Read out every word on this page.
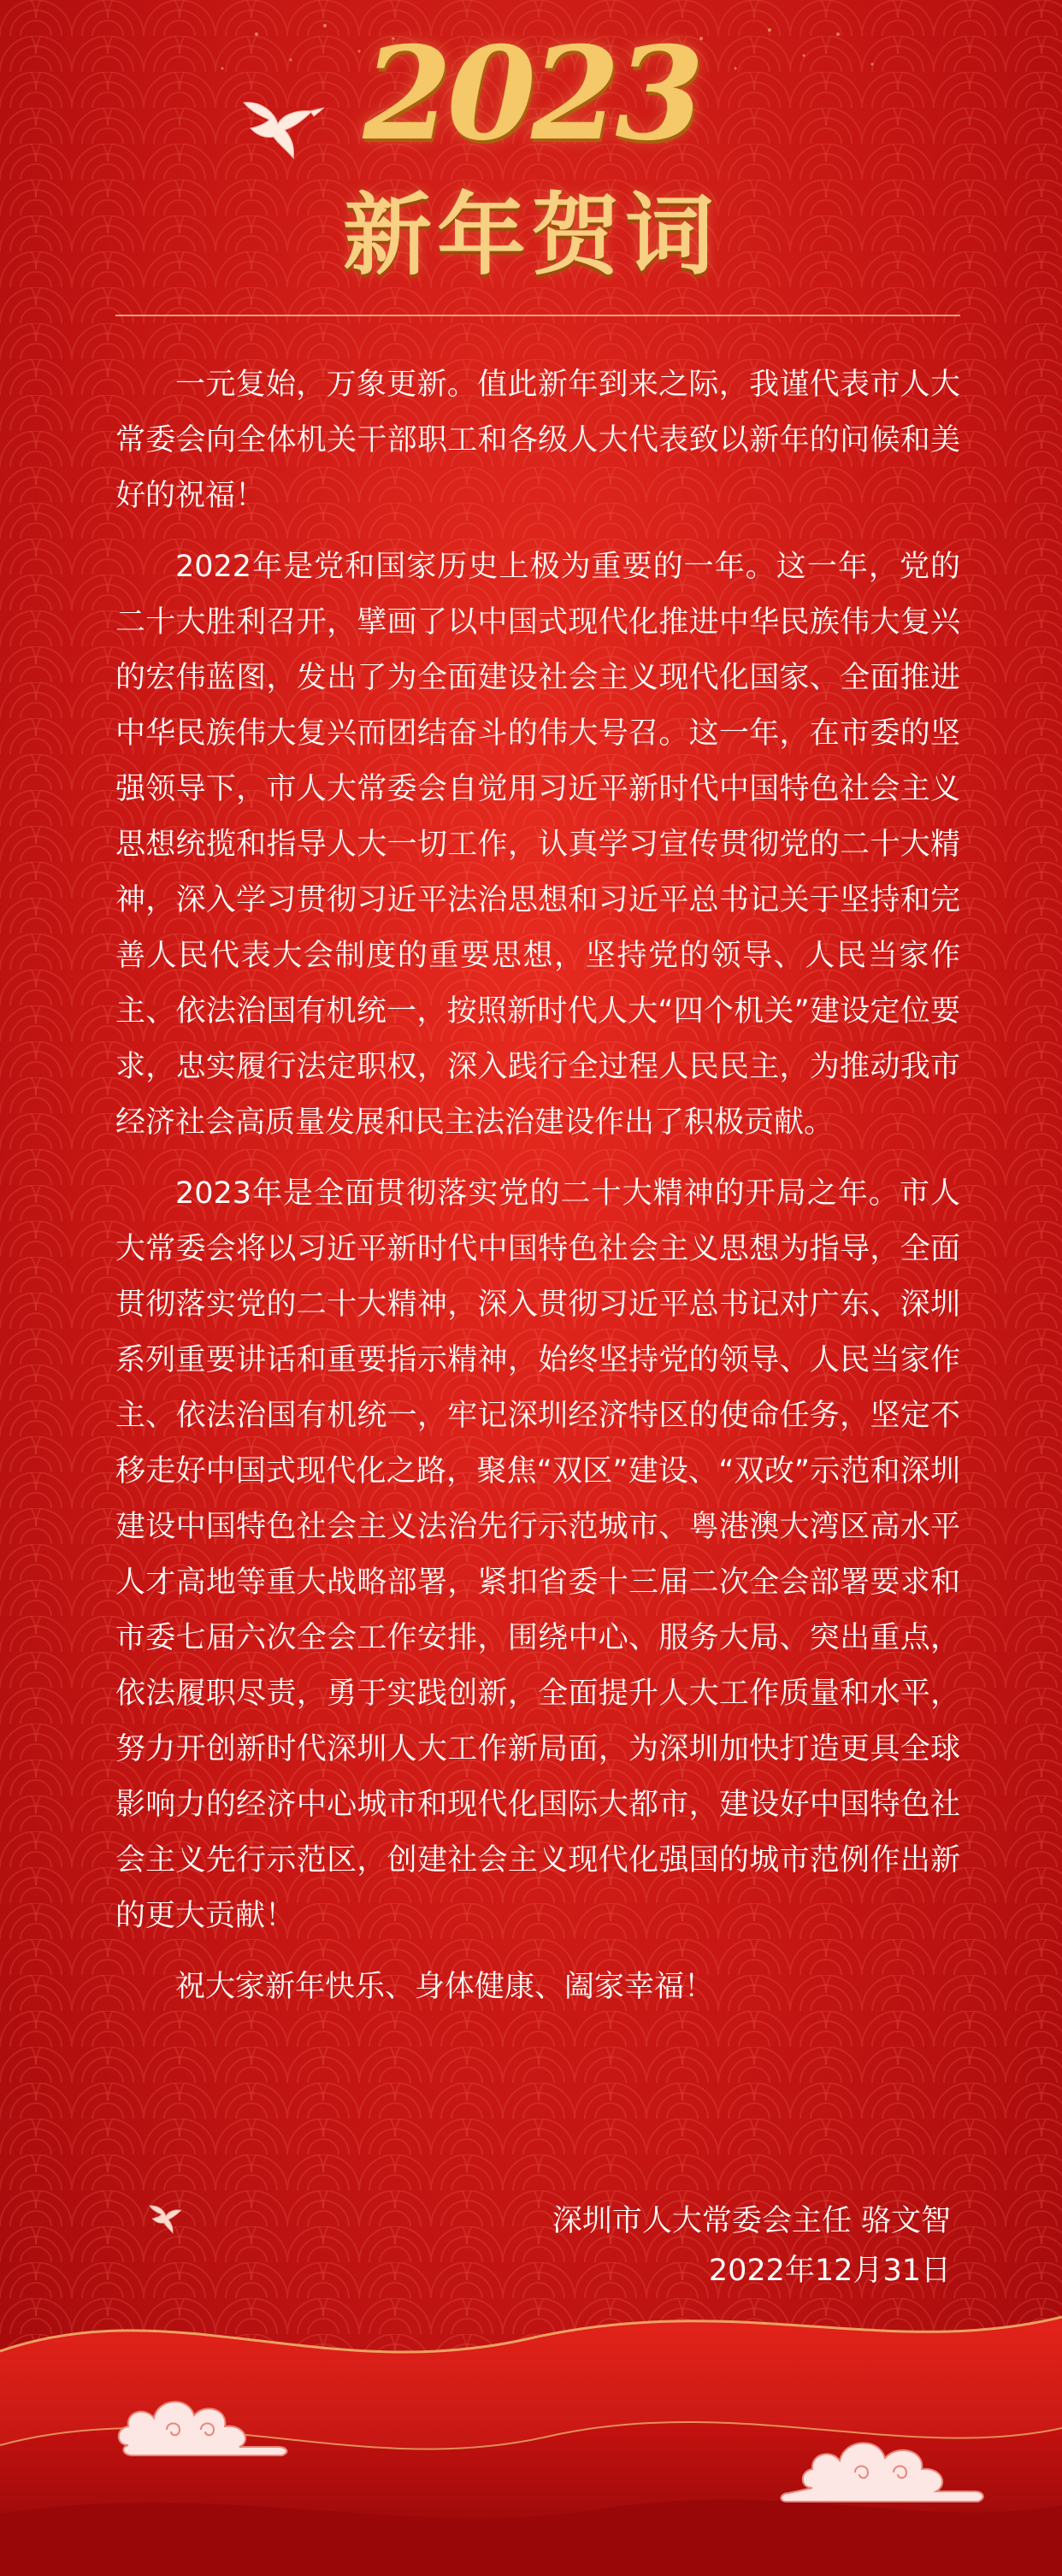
2023
新年贺词

一元复始，万象更新。值此新年到来之际，我谨代表市人大常委会向全体机关干部职工和各级人大代表致以新年的问候和美好的祝福！

2022年是党和国家历史上极为重要的一年。这一年，党的二十大胜利召开，擘画了以中国式现代化推进中华民族伟大复兴的宏伟蓝图，发出了为全面建设社会主义现代化国家、全面推进中华民族伟大复兴而团结奋斗的伟大号召。这一年，在市委的坚强领导下，市人大常委会自觉用习近平新时代中国特色社会主义思想统揽和指导人大一切工作，认真学习宣传贯彻党的二十大精神，深入学习贯彻习近平法治思想和习近平总书记关于坚持和完善人民代表大会制度的重要思想，坚持党的领导、人民当家作主、依法治国有机统一，按照新时代人大“四个机关”建设定位要求，忠实履行法定职权，深入践行全过程人民民主，为推动我市经济社会高质量发展和民主法治建设作出了积极贡献。

2023年是全面贯彻落实党的二十大精神的开局之年。市人大常委会将以习近平新时代中国特色社会主义思想为指导，全面贯彻落实党的二十大精神，深入贯彻习近平总书记对广东、深圳系列重要讲话和重要指示精神，始终坚持党的领导、人民当家作主、依法治国有机统一，牢记深圳经济特区的使命任务，坚定不移走好中国式现代化之路，聚焦“双区”建设、“双改”示范和深圳建设中国特色社会主义法治先行示范城市、粤港澳大湾区高水平人才高地等重大战略部署，紧扣省委十三届二次全会部署要求和市委七届六次全会工作安排，围绕中心、服务大局、突出重点，依法履职尽责，勇于实践创新，全面提升人大工作质量和水平，努力开创新时代深圳人大工作新局面，为深圳加快打造更具全球影响力的经济中心城市和现代化国际大都市，建设好中国特色社会主义先行示范区，创建社会主义现代化强国的城市范例作出新的更大贡献！

祝大家新年快乐、身体健康、阖家幸福！

深圳市人大常委会主任 骆文智
2022年12月31日
